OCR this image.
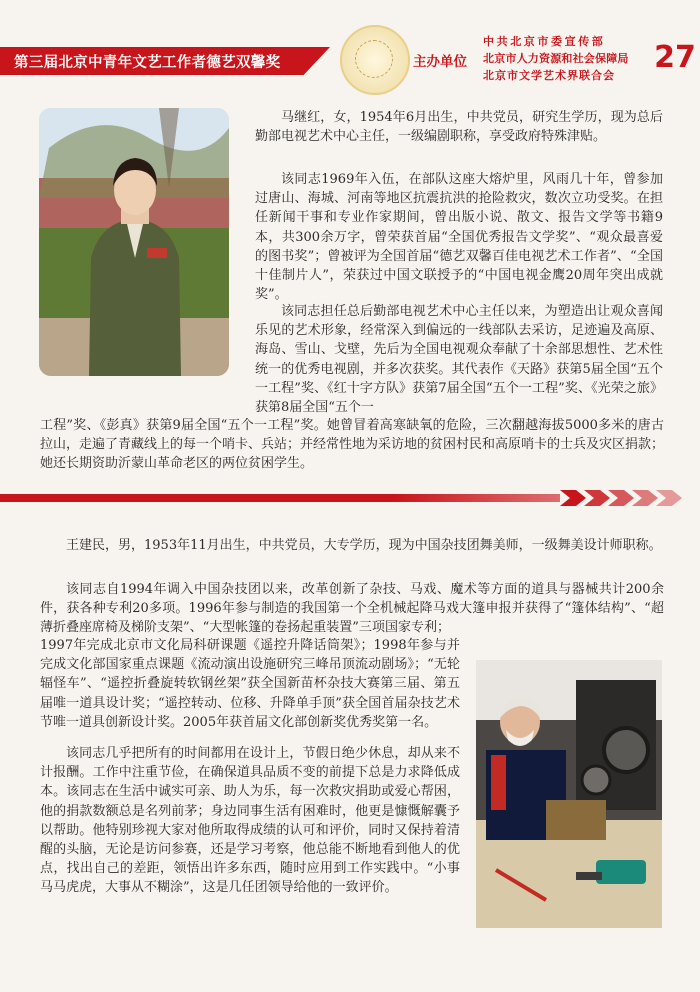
第三届北京中青年文艺工作者德艺双馨奖	主办单位
中共北京市委宣传部
北京市人力资源和社会保障局
北京市文学艺术界联合会
27
马继红，女，1954年6月出生，中共党员，研究生学历，现为总后勤部电视艺术中心主任，一级编剧职称，享受政府特殊津贴。
该同志1969年入伍，在部队这座大熔炉里，风雨几十年，曾参加过唐山、海城、河南等地区抗震抗洪的抢险救灾，数次立功受奖。在担任新闻干事和专业作家期间，曾出版小说、散文、报告文学等书籍9本，共300余万字，曾荣获首届“全国优秀报告文学奖”、“观众最喜爱的图书奖”；曾被评为全国首届“德艺双馨百佳电视艺术工作者”、“全国十佳制片人”，荣获过中国文联授予的“中国电视金鹰20周年突出成就奖”。
该同志担任总后勤部电视艺术中心主任以来，为塑造出让观众喜闻乐见的艺术形象，经常深入到偏远的一线部队去采访，足迹遍及高原、海岛、雪山、戈壁，先后为全国电视观众奉献了十余部思想性、艺术性统一的优秀电视剧，并多次获奖。其代表作《天路》获第5届全国“五个一工程”奖、《红十字方队》获第7届全国“五个一工程”奖、《光荣之旅》获第8届全国“五个一
工程”奖、《彭真》获第9届全国“五个一工程”奖。她曾冒着高寒缺氧的危险，三次翻越海拔5000多米的唐古拉山，走遍了青藏线上的每一个哨卡、兵站；并经常性地为采访地的贫困村民和高原哨卡的士兵及灾区捐款；她还长期资助沂蒙山革命老区的两位贫困学生。
王建民，男，1953年11月出生，中共党员，大专学历，现为中国杂技团舞美师，一级舞美设计师职称。
该同志自1994年调入中国杂技团以来，改革创新了杂技、马戏、魔术等方面的道具与器械共计200余件，获各种专利20多项。1996年参与制造的我国第一个全机械起降马戏大篷申报并获得了“篷体结构”、“超薄折叠座席椅及梯阶支架”、“大型帐篷的卷扬起重装置”三项国家专利；
1997年完成北京市文化局科研课题《遥控升降话筒架》；1998年参与并完成文化部国家重点课题《流动演出设施研究三峰吊顶流动剧场》；“无轮辐怪车”、“遥控折叠旋转软钢丝架”获全国新苗杯杂技大赛第三届、第五届唯一道具设计奖；“遥控转动、位移、升降单手顶”获全国首届杂技艺术节唯一道具创新设计奖。2005年获首届文化部创新奖优秀奖第一名。
该同志几乎把所有的时间都用在设计上，节假日绝少休息，却从来不计报酬。工作中注重节俭，在确保道具品质不变的前提下总是力求降低成本。该同志在生活中诚实可亲、助人为乐，每一次救灾捐助或爱心帮困，他的捐款数额总是名列前茅；身边同事生活有困难时，他更是慷慨解囊予以帮助。他特别珍视大家对他所取得成绩的认可和评价，同时又保持着清醒的头脑，无论是访问参赛，还是学习考察，他总能不断地看到他人的优点，找出自己的差距，领悟出许多东西，随时应用到工作实践中。“小事马马虎虎，大事从不糊涂”，这是几任团领导给他的一致评价。
